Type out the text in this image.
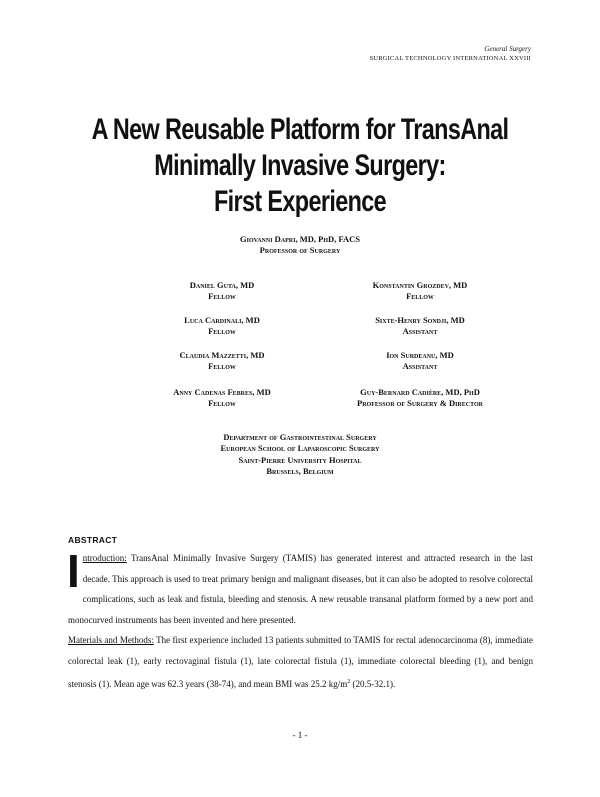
General Surgery
SURGICAL TECHNOLOGY INTERNATIONAL XXVIII
A New Reusable Platform for TransAnal
Minimally Invasive Surgery:
First Experience
Giovanni Dapri, MD, PhD, FACS
Professor of Surgery
Daniel Guta, MD
Fellow
Luca Cardinali, MD
Fellow
Claudia Mazzetti, MD
Fellow
Anny Cadenas Febres, MD
Fellow
Konstantin Grozdev, MD
Fellow
Sixte-Henry Sondji, MD
Assistant
Ion Surdeanu, MD
Assistant
Guy-Bernard Cadière, MD, PhD
Professor of Surgery & Director
Department of Gastrointestinal Surgery
European School of Laparoscopic Surgery
Saint-Pierre University Hospital
Brussels, Belgium
ABSTRACT
I ntroduction: TransAnal Minimally Invasive Surgery (TAMIS) has generated interest and attracted research in the last decade. This approach is used to treat primary benign and malignant diseases, but it can also be adopted to resolve colorectal complications, such as leak and fistula, bleeding and stenosis. A new reusable transanal platform formed by a new port and monocurved instruments has been invented and here presented.
Materials and Methods: The first experience included 13 patients submitted to TAMIS for rectal adenocarcinoma (8), immediate colorectal leak (1), early rectovaginal fistula (1), late colorectal fistula (1), immediate colorectal bleeding (1), and benign stenosis (1). Mean age was 62.3 years (38-74), and mean BMI was 25.2 $kg/m^2$ (20.5-32.1).
- 1 -
